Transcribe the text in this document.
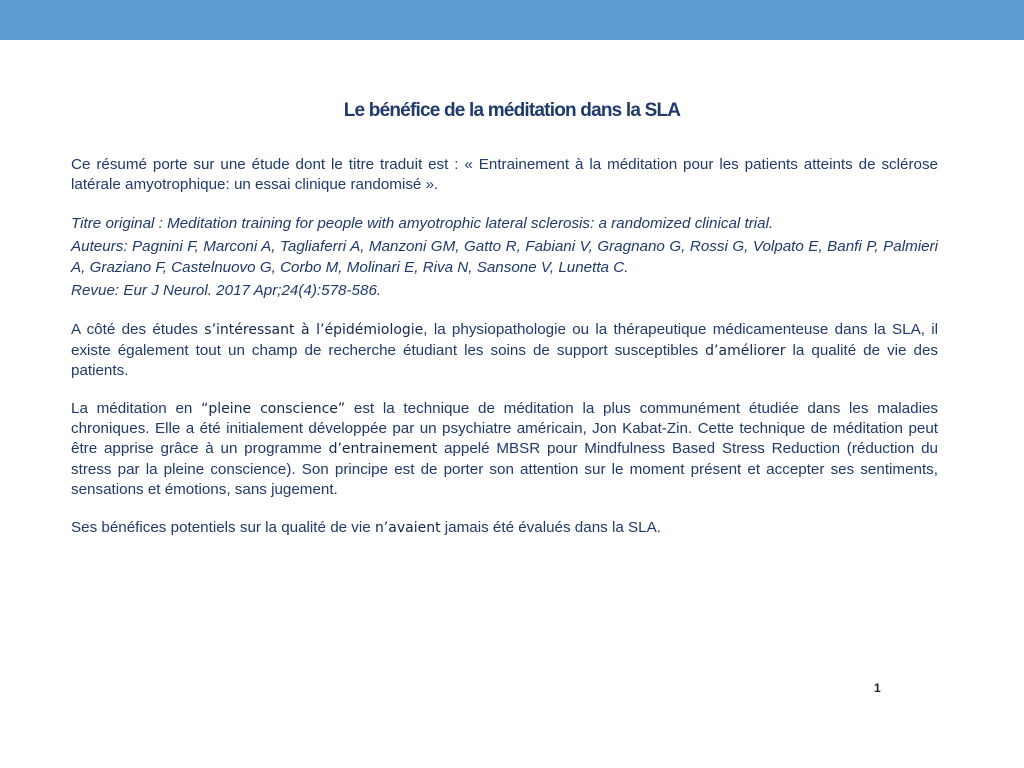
Le bénéfice de la méditation dans la SLA

Ce résumé porte sur une étude dont le titre traduit est : « Entrainement à la méditation pour les patients atteints de sclérose latérale amyotrophique: un essai clinique randomisé ».

Titre original : Meditation training for people with amyotrophic lateral sclerosis: a randomized clinical trial.

Auteurs: Pagnini F, Marconi A, Tagliaferri A, Manzoni GM, Gatto R, Fabiani V, Gragnano G, Rossi G, Volpato E, Banfi P, Palmieri A, Graziano F, Castelnuovo G, Corbo M, Molinari E, Riva N, Sansone V, Lunetta C.

Revue: Eur J Neurol. 2017 Apr;24(4):578-586.

A côté des études s’intéressant à l’épidémiologie, la physiopathologie ou la thérapeutique médicamenteuse dans la SLA, il existe également tout un champ de recherche étudiant les soins de support susceptibles d’améliorer la qualité de vie des patients.

La méditation en “pleine conscience” est la technique de méditation la plus communément étudiée dans les maladies chroniques. Elle a été initialement développée par un psychiatre américain, Jon Kabat-Zin. Cette technique de méditation peut être apprise grâce à un programme d’entrainement appelé MBSR pour Mindfulness Based Stress Reduction (réduction du stress par la pleine conscience). Son principe est de porter son attention sur le moment présent et accepter ses sentiments, sensations et émotions, sans jugement.

Ses bénéfices potentiels sur la qualité de vie n’avaient jamais été évalués dans la SLA.

1
